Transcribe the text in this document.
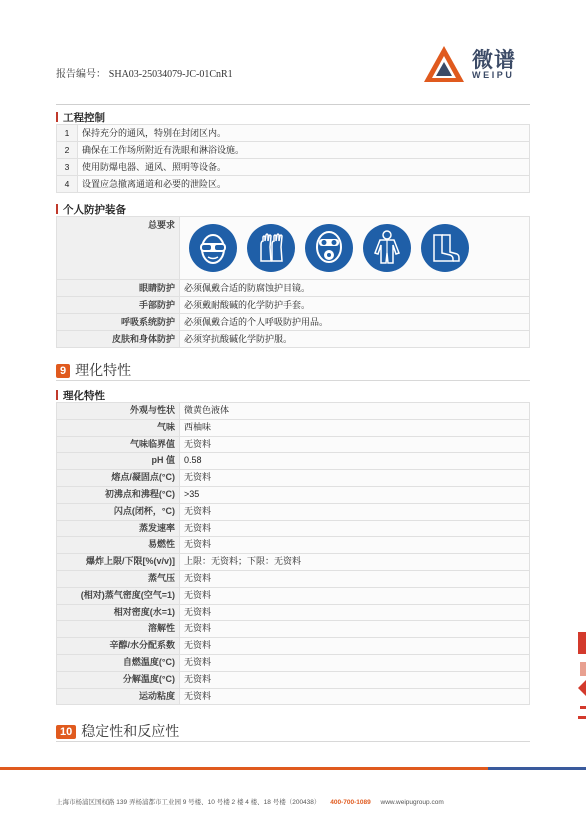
报告编号： SHA03-25034079-JC-01CnR1
微谱
WEIPU
工程控制
1	保持充分的通风，特别在封闭区内。
2	确保在工作场所附近有洗眼和淋浴设施。
3	使用防爆电器、通风、照明等设备。
4	设置应急撤离通道和必要的泄险区。
个人防护装备
总要求	

眼睛防护	必须佩戴合适的防腐蚀护目镜。
手部防护	必须戴耐酸碱的化学防护手套。
呼吸系统防护	必须佩戴合适的个人呼吸防护用品。
皮肤和身体防护	必须穿抗酸碱化学防护服。
9 理化特性
理化特性
外观与性状	微黄色液体
气味	西柚味
气味临界值	无资料
pH 值	0.58
熔点/凝固点(°C)	无资料
初沸点和沸程(°C)	>35
闪点(闭杯，°C)	无资料
蒸发速率	无资料
易燃性	无资料
爆炸上限/下限[%(v/v)]	上限：无资料；下限：无资料
蒸气压	无资料
(相对)蒸气密度(空气=1)	无资料
相对密度(水=1)	无资料
溶解性	无资料
辛醇/水分配系数	无资料
自燃温度(°C)	无资料
分解温度(°C)	无资料
运动粘度	无资料
10 稳定性和反应性
上海市杨浦区国权路 139 弄杨浦都市工业园 9 号楼、10 号楼 2 楼 4 楼、18 号楼（200438） 400-700-1089 www.weipugroup.com
